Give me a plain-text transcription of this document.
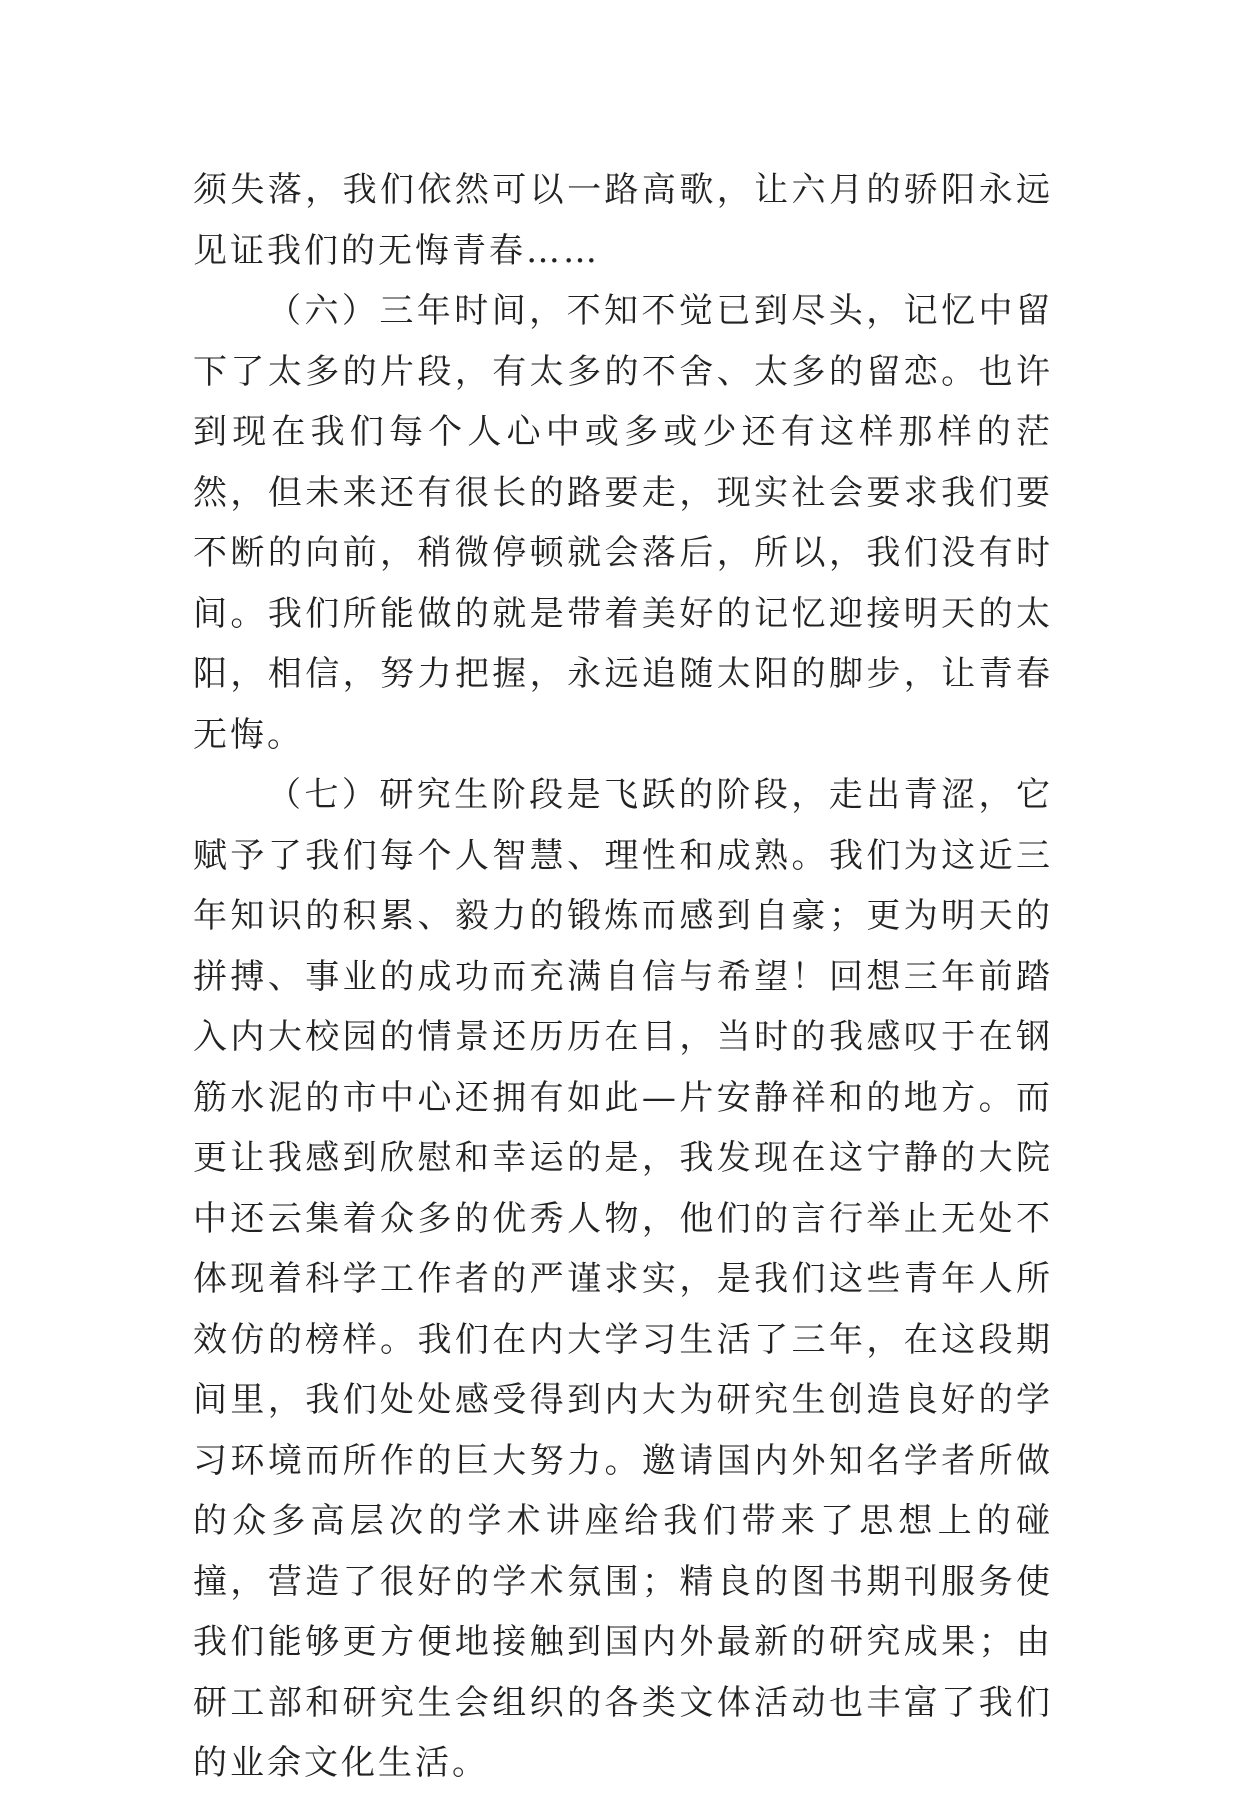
须失落，我们依然可以一路高歌，让六月的骄阳永远见证我们的无悔青春……

（六）三年时间，不知不觉已到尽头，记忆中留下了太多的片段，有太多的不舍、太多的留恋。也许到现在我们每个人心中或多或少还有这样那样的茫然，但未来还有很长的路要走，现实社会要求我们要不断的向前，稍微停顿就会落后，所以，我们没有时间。我们所能做的就是带着美好的记忆迎接明天的太阳，相信，努力把握，永远追随太阳的脚步，让青春无悔。

（七）研究生阶段是飞跃的阶段，走出青涩，它赋予了我们每个人智慧、理性和成熟。我们为这近三年知识的积累、毅力的锻炼而感到自豪；更为明天的拼搏、事业的成功而充满自信与希望！回想三年前踏入内大校园的情景还历历在目，当时的我感叹于在钢筋水泥的市中心还拥有如此—片安静祥和的地方。而更让我感到欣慰和幸运的是，我发现在这宁静的大院中还云集着众多的优秀人物，他们的言行举止无处不体现着科学工作者的严谨求实，是我们这些青年人所效仿的榜样。我们在内大学习生活了三年，在这段期间里，我们处处感受得到内大为研究生创造良好的学习环境而所作的巨大努力。邀请国内外知名学者所做的众多高层次的学术讲座给我们带来了思想上的碰撞，营造了很好的学术氛围；精良的图书期刊服务使我们能够更方便地接触到国内外最新的研究成果；由研工部和研究生会组织的各类文体活动也丰富了我们的业余文化生活。
